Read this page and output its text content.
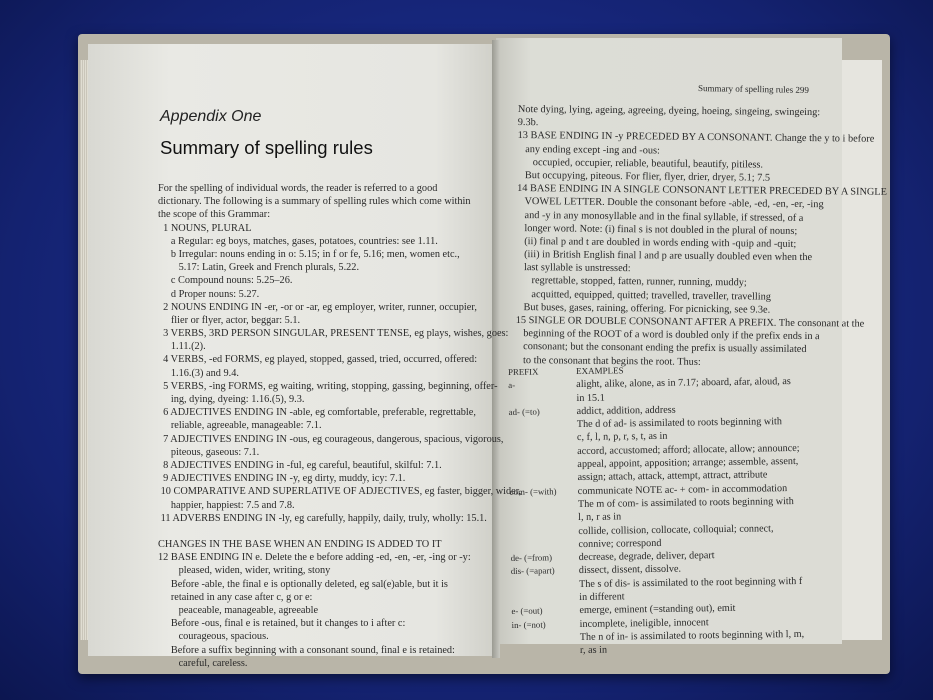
Appendix One
Summary of spelling rules
For the spelling of individual words, the reader is referred to a good
dictionary. The following is a summary of spelling rules which come within
the scope of this Grammar:
1 NOUNS, PLURAL
a Regular: eg boys, matches, gases, potatoes, countries: see 1.11.
b Irregular: nouns ending in o: 5.15; in f or fe, 5.16; men, women etc.,
5.17: Latin, Greek and French plurals, 5.22.
c Compound nouns: 5.25–26.
d Proper nouns: 5.27.
2 NOUNS ENDING IN -er, -or or -ar, eg employer, writer, runner, occupier,
flier or flyer, actor, beggar: 5.1.
3 VERBS, 3RD PERSON SINGULAR, PRESENT TENSE, eg plays, wishes, goes:
1.11.(2).
4 VERBS, -ed FORMS, eg played, stopped, gassed, tried, occurred, offered:
1.16.(3) and 9.4.
5 VERBS, -ing FORMS, eg waiting, writing, stopping, gassing, beginning, offer-
ing, dying, dyeing: 1.16.(5), 9.3.
6 ADJECTIVES ENDING IN -able, eg comfortable, preferable, regrettable,
reliable, agreeable, manageable: 7.1.
7 ADJECTIVES ENDING IN -ous, eg courageous, dangerous, spacious, vigorous,
piteous, gaseous: 7.1.
8 ADJECTIVES ENDING in -ful, eg careful, beautiful, skilful: 7.1.
9 ADJECTIVES ENDING IN -y, eg dirty, muddy, icy: 7.1.
10 COMPARATIVE AND SUPERLATIVE OF ADJECTIVES, eg faster, bigger, wider,
happier, happiest: 7.5 and 7.8.
11 ADVERBS ENDING IN -ly, eg carefully, happily, daily, truly, wholly: 15.1.
CHANGES IN THE BASE WHEN AN ENDING IS ADDED TO IT
12 BASE ENDING IN e. Delete the e before adding -ed, -en, -er, -ing or -y:
pleased, widen, wider, writing, stony
Before -able, the final e is optionally deleted, eg sal(e)able, but it is
retained in any case after c, g or e:
peaceable, manageable, agreeable
Before -ous, final e is retained, but it changes to i after c:
courageous, spacious.
Before a suffix beginning with a consonant sound, final e is retained:
careful, careless.
Summary of spelling rules 299
Note dying, lying, ageing, agreeing, dyeing, hoeing, singeing, swingeing:
9.3b.
13 BASE ENDING IN -y PRECEDED BY A CONSONANT. Change the y to i before
any ending except -ing and -ous:
occupied, occupier, reliable, beautiful, beautify, pitiless.
But occupying, piteous. For flier, flyer, drier, dryer, 5.1; 7.5
14 BASE ENDING IN A SINGLE CONSONANT LETTER PRECEDED BY A SINGLE
VOWEL LETTER. Double the consonant before -able, -ed, -en, -er, -ing
and -y in any monosyllable and in the final syllable, if stressed, of a
longer word. Note: (i) final s is not doubled in the plural of nouns;
(ii) final p and t are doubled in words ending with -quip and -quit;
(iii) in British English final l and p are usually doubled even when the
last syllable is unstressed:
regrettable, stopped, fatten, runner, running, muddy;
acquitted, equipped, quitted; travelled, traveller, travelling
But buses, gases, raining, offering. For picnicking, see 9.3e.
15 SINGLE OR DOUBLE CONSONANT AFTER A PREFIX. The consonant at the
beginning of the ROOT of a word is doubled only if the prefix ends in a
consonant; but the consonant ending the prefix is usually assimilated
to the consonant that begins the root. Thus:
PREFIX	EXAMPLES
a-	alight, alike, alone, as in 7.17; aboard, afar, aloud, as
in 15.1
ad- (=to)	addict, addition, address
The d of ad- is assimilated to roots beginning with
c, f, l, n, p, r, s, t, as in
accord, accustomed; afford; allocate, allow; announce;
appeal, appoint, apposition; arrange; assemble, assent,
assign; attach, attack, attempt, attract, attribute
com- (=with)	communicate NOTE ac- + com- in accommodation
The m of com- is assimilated to roots beginning with
l, n, r as in
collide, collision, collocate, colloquial; connect,
connive; correspond
de- (=from)	decrease, degrade, deliver, depart
dis- (=apart)	dissect, dissent, dissolve.
The s of dis- is assimilated to the root beginning with f
in different
e- (=out)	emerge, eminent (=standing out), emit
in- (=not)	incomplete, ineligible, innocent
The n of in- is assimilated to roots beginning with l, m,
r, as in
